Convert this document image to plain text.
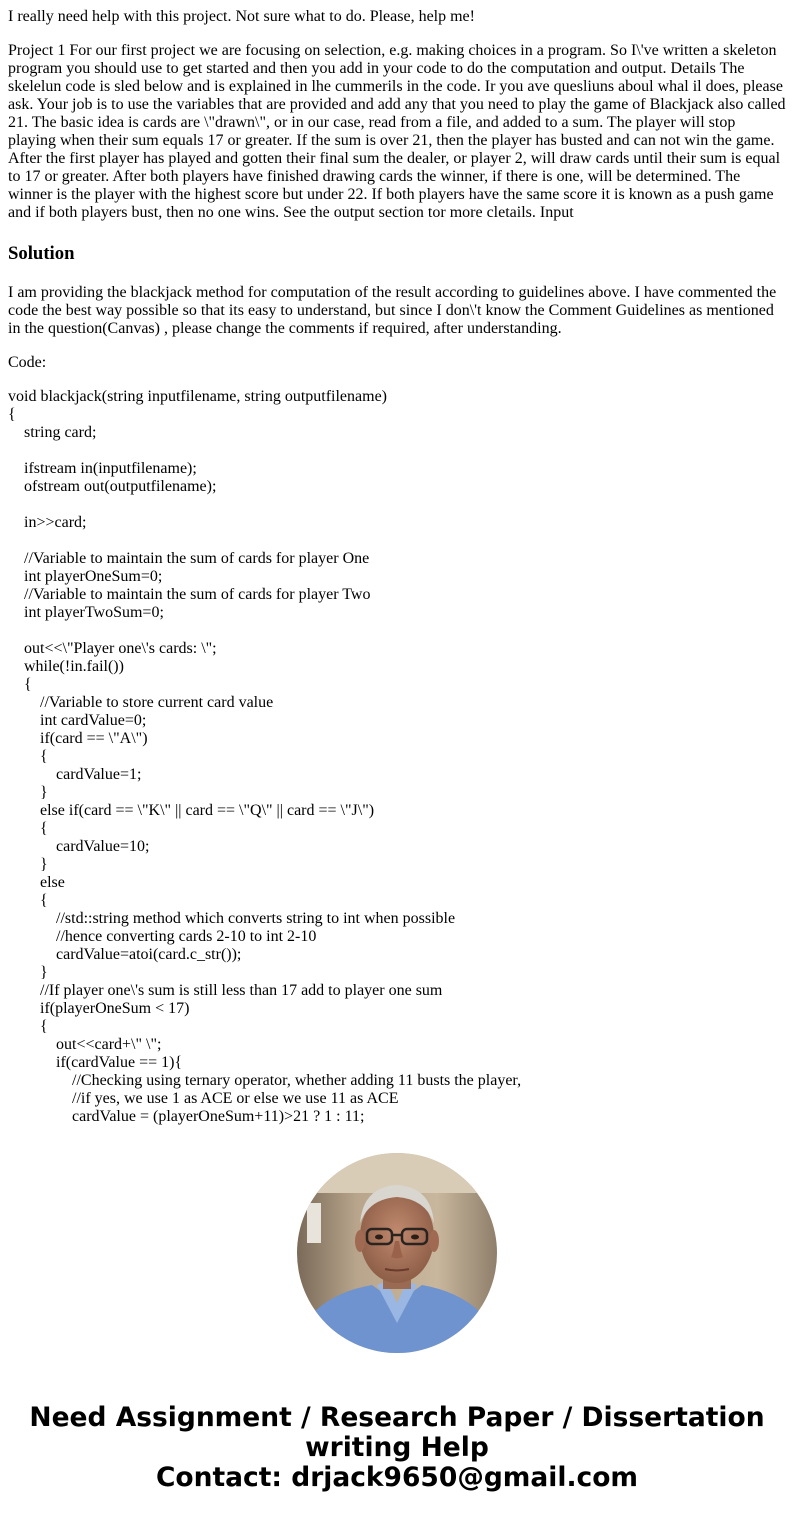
I really need help with this project. Not sure what to do. Please, help me!

Project 1 For our first project we are focusing on selection, e.g. making choices in a program. So I\'ve written a skeleton program you should use to get started and then you add in your code to do the computation and output. Details The skelelun code is sled below and is explained in lhe cummerils in the code. Ir you ave quesliuns aboul whal il does, please ask. Your job is to use the variables that are provided and add any that you need to play the game of Blackjack also called 21. The basic idea is cards are \"drawn\", or in our case, read from a file, and added to a sum. The player will stop playing when their sum equals 17 or greater. If the sum is over 21, then the player has busted and can not win the game. After the first player has played and gotten their final sum the dealer, or player 2, will draw cards until their sum is equal to 17 or greater. After both players have finished drawing cards the winner, if there is one, will be determined. The winner is the player with the highest score but under 22. If both players have the same score it is known as a push game and if both players bust, then no one wins. See the output section tor more cletails. Input

Solution

I am providing the blackjack method for computation of the result according to guidelines above. I have commented the code the best way possible so that its easy to understand, but since I don\'t know the Comment Guidelines as mentioned in the question(Canvas) , please change the comments if required, after understanding.

Code:

void blackjack(string inputfilename, string outputfilename)
{
string card;
ifstream in(inputfilename);
ofstream out(outputfilename);
in>>card;
//Variable to maintain the sum of cards for player One
int playerOneSum=0;
//Variable to maintain the sum of cards for player Two
int playerTwoSum=0;
out<<\"Player one\'s cards: \";
while(!in.fail())
{
//Variable to store current card value
int cardValue=0;
if(card == \"A\")
{
cardValue=1;
}
else if(card == \"K\" || card == \"Q\" || card == \"J\")
{
cardValue=10;
}
else
{
//std::string method which converts string to int when possible
//hence converting cards 2-10 to int 2-10
cardValue=atoi(card.c_str());
}
//If player one\'s sum is still less than 17 add to player one sum
if(playerOneSum < 17)
{
out<<card+\" \";
if(cardValue == 1){
//Checking using ternary operator, whether adding 11 busts the player,
//if yes, we use 1 as ACE or else we use 11 as ACE
cardValue = (playerOneSum+11)>21 ? 1 : 11;
Need Assignment / Research Paper / Dissertation
writing Help
Contact: drjack9650@gmail.com
